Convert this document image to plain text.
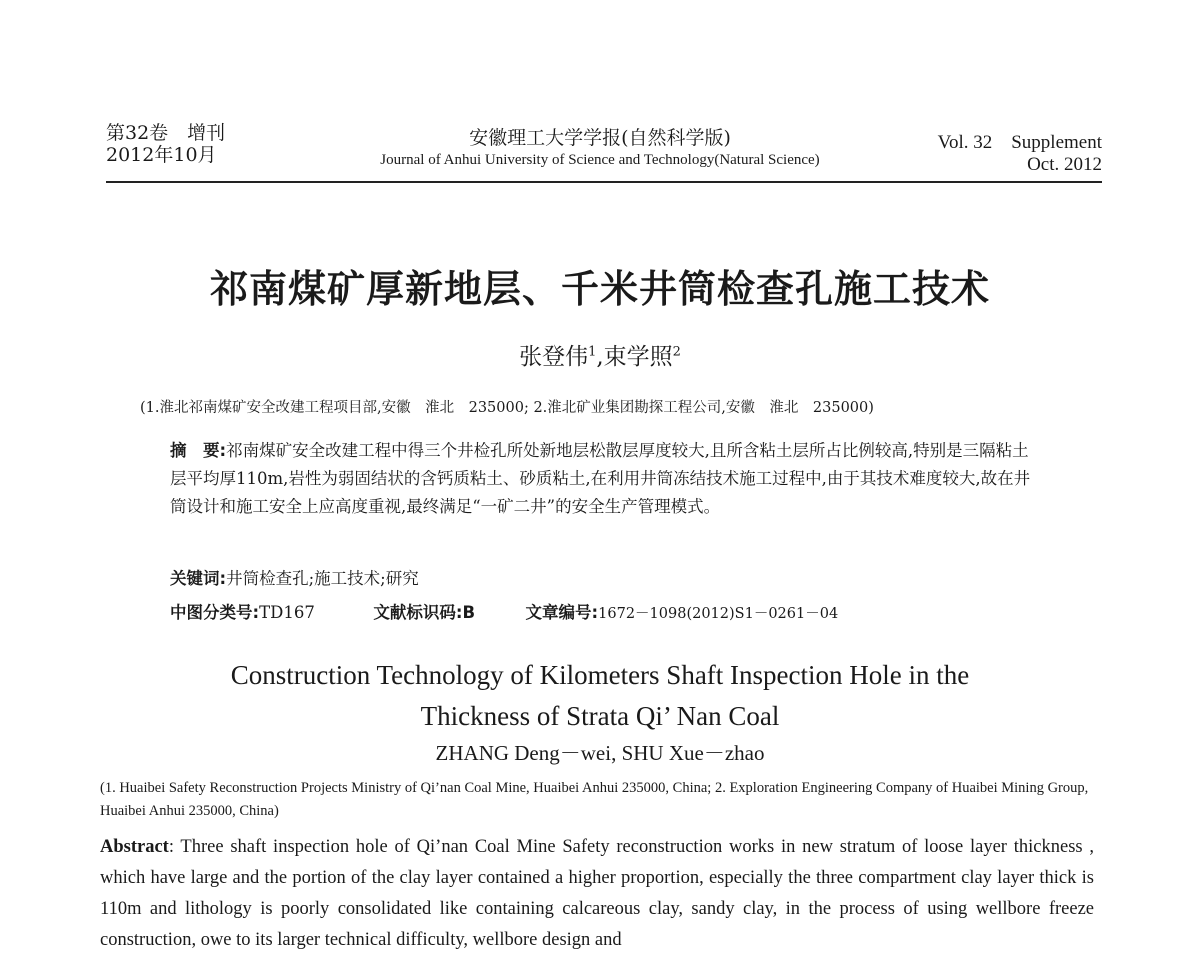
第32卷　增刊
2012年10月
安徽理工大学学报(自然科学版)
Journal of Anhui University of Science and Technology(Natural Science)
Vol. 32　Supplement
Oct. 2012
祁南煤矿厚新地层、千米井筒检查孔施工技术
张登伟$^1$,束学照$^2$
(1.淮北祁南煤矿安全改建工程项目部,安徽　淮北　235000; 2.淮北矿业集团勘探工程公司,安徽　淮北　235000)
摘　要:祁南煤矿安全改建工程中得三个井检孔所处新地层松散层厚度较大,且所含粘土层所占比例较高,特别是三隔粘土层平均厚110m,岩性为弱固结状的含钙质粘土、砂质粘土,在利用井筒冻结技术施工过程中,由于其技术难度较大,故在井筒设计和施工安全上应高度重视,最终满足“一矿二井”的安全生产管理模式。
关键词:井筒检查孔;施工技术;研究
中图分类号:TD167	文献标识码:B	文章编号:1672－1098(2012)S1－0261－04
Construction Technology of Kilometers Shaft Inspection Hole in the
Thickness of Strata Qi’ Nan Coal
ZHANG Deng－wei, SHU Xue－zhao
(1. Huaibei Safety Reconstruction Projects Ministry of Qi’nan Coal Mine, Huaibei Anhui 235000, China; 2. Exploration Engineering Company of Huaibei Mining Group, Huaibei Anhui 235000, China)
Abstract: Three shaft inspection hole of Qi’nan Coal Mine Safety reconstruction works in new stratum of loose layer thickness , which have large and the portion of the clay layer contained a higher proportion, especially the three compartment clay layer thick is 110m and lithology is poorly consolidated like containing calcareous clay, sandy clay, in the process of using wellbore freeze construction, owe to its larger technical difficulty, wellbore design and
